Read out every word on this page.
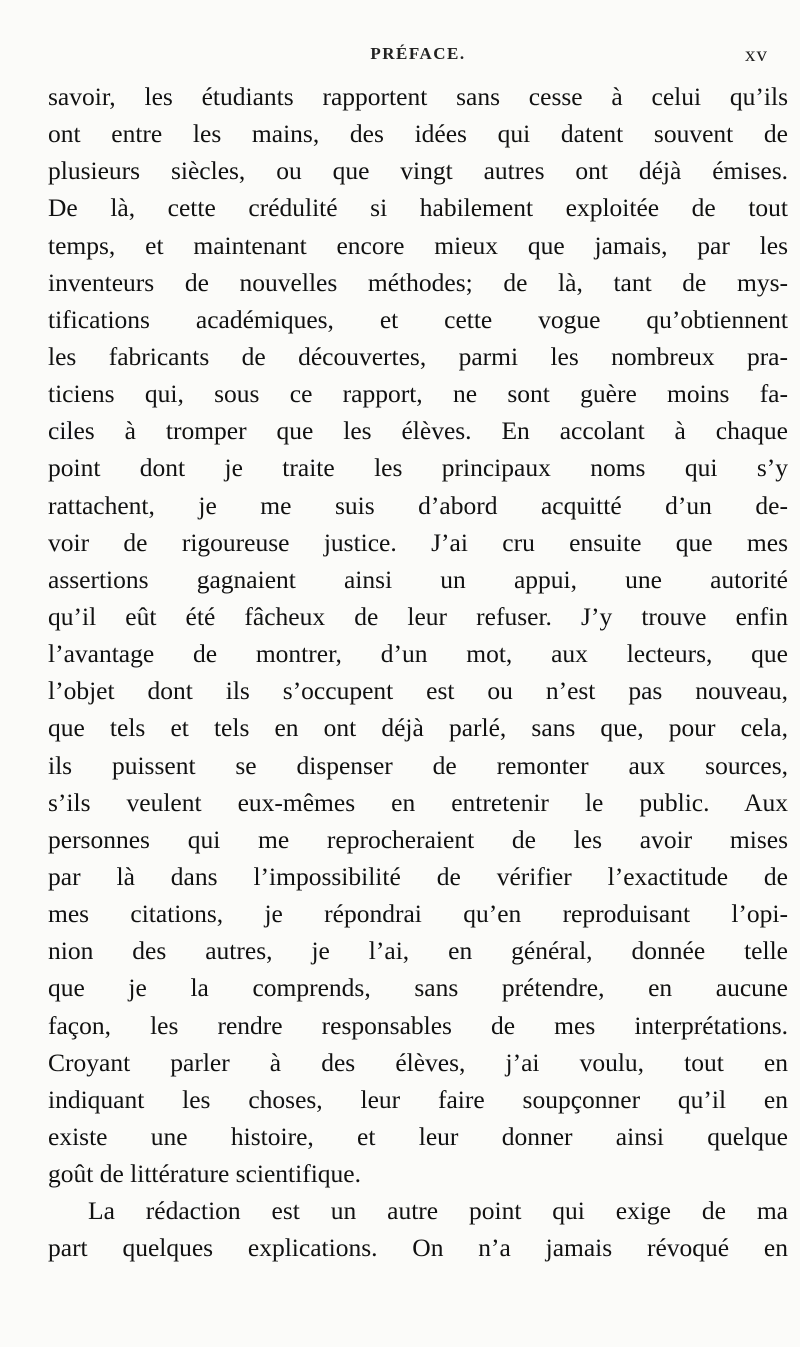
PRÉFACE.	xv
savoir, les étudiants rapportent sans cesse à celui qu’ils
ont entre les mains, des idées qui datent souvent de
plusieurs siècles, ou que vingt autres ont déjà émises.
De là, cette crédulité si habilement exploitée de tout
temps, et maintenant encore mieux que jamais, par les
inventeurs de nouvelles méthodes; de là, tant de mys-
tifications académiques, et cette vogue qu’obtiennent
les fabricants de découvertes, parmi les nombreux pra-
ticiens qui, sous ce rapport, ne sont guère moins fa-
ciles à tromper que les élèves. En accolant à chaque
point dont je traite les principaux noms qui s’y
rattachent, je me suis d’abord acquitté d’un de-
voir de rigoureuse justice. J’ai cru ensuite que mes
assertions gagnaient ainsi un appui, une autorité
qu’il eût été fâcheux de leur refuser. J’y trouve enfin
l’avantage de montrer, d’un mot, aux lecteurs, que
l’objet dont ils s’occupent est ou n’est pas nouveau,
que tels et tels en ont déjà parlé, sans que, pour cela,
ils puissent se dispenser de remonter aux sources,
s’ils veulent eux-mêmes en entretenir le public. Aux
personnes qui me reprocheraient de les avoir mises
par là dans l’impossibilité de vérifier l’exactitude de
mes citations, je répondrai qu’en reproduisant l’opi-
nion des autres, je l’ai, en général, donnée telle
que je la comprends, sans prétendre, en aucune
façon, les rendre responsables de mes interprétations.
Croyant parler à des élèves, j’ai voulu, tout en
indiquant les choses, leur faire soupçonner qu’il en
existe une histoire, et leur donner ainsi quelque
goût de littérature scientifique.
La rédaction est un autre point qui exige de ma
part quelques explications. On n’a jamais révoqué en
